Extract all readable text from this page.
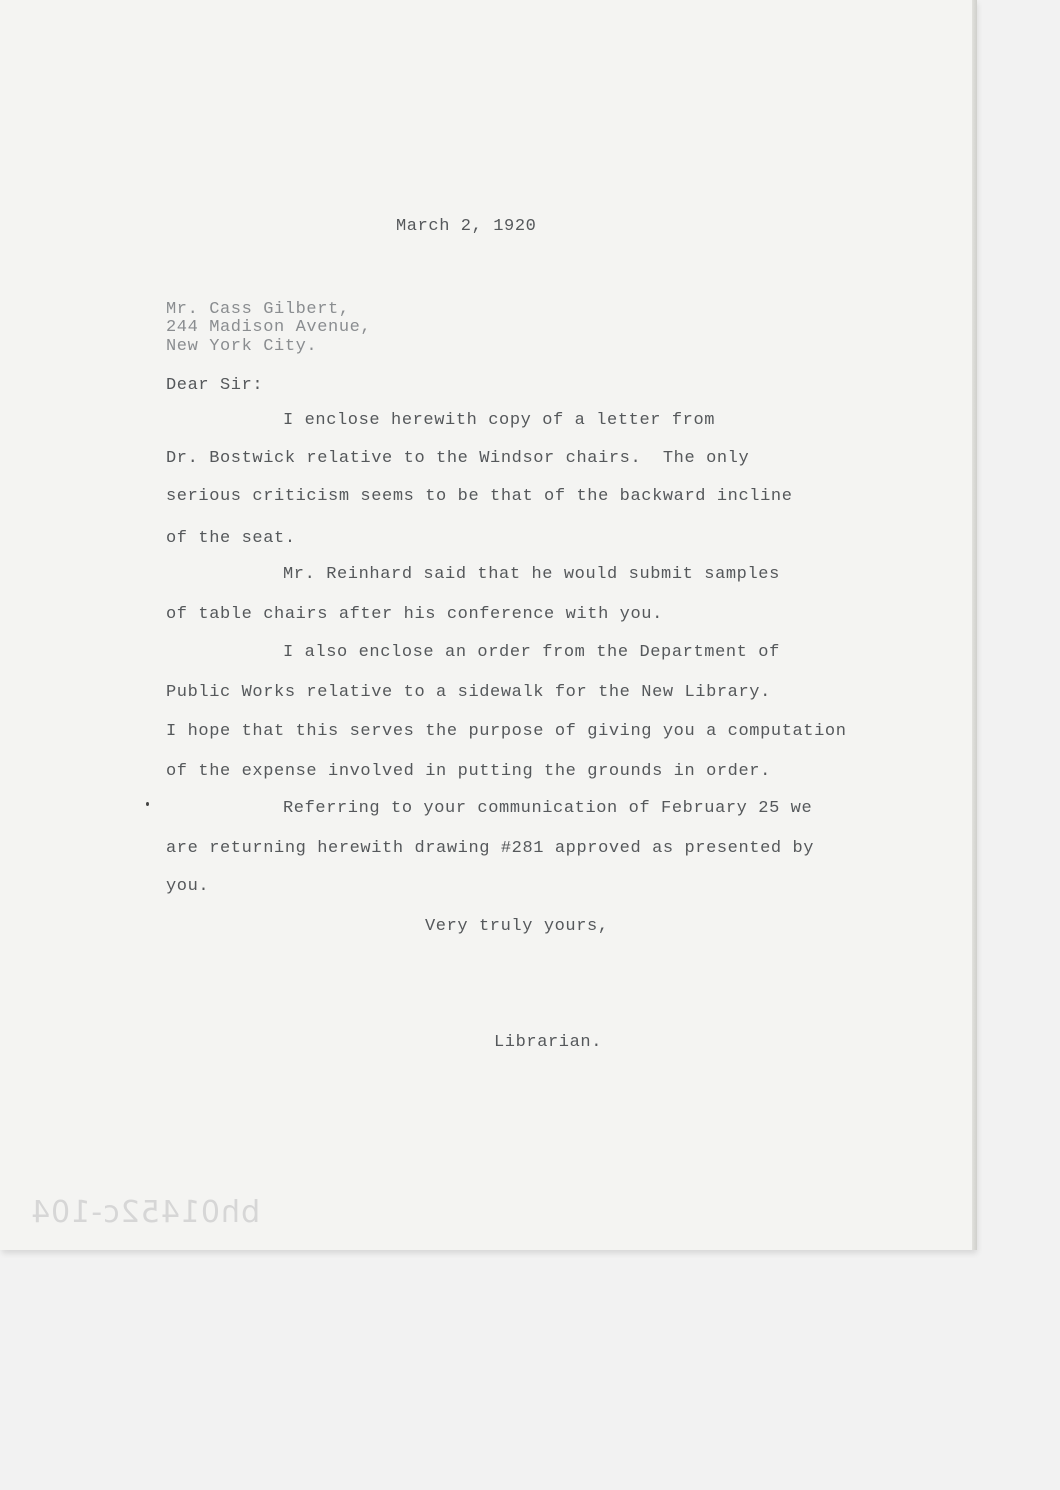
March 2, 1920
Mr. Cass Gilbert,
244 Madison Avenue,
New York City.
Dear Sir:
I enclose herewith copy of a letter from
Dr. Bostwick relative to the Windsor chairs.  The only
serious criticism seems to be that of the backward incline
of the seat.
Mr. Reinhard said that he would submit samples
of table chairs after his conference with you.
I also enclose an order from the Department of
Public Works relative to a sidewalk for the New Library.
I hope that this serves the purpose of giving you a computation
of the expense involved in putting the grounds in order.
Referring to your communication of February 25 we
are returning herewith drawing #281 approved as presented by
you.
Very truly yours,
Librarian.
bh01452c-104
